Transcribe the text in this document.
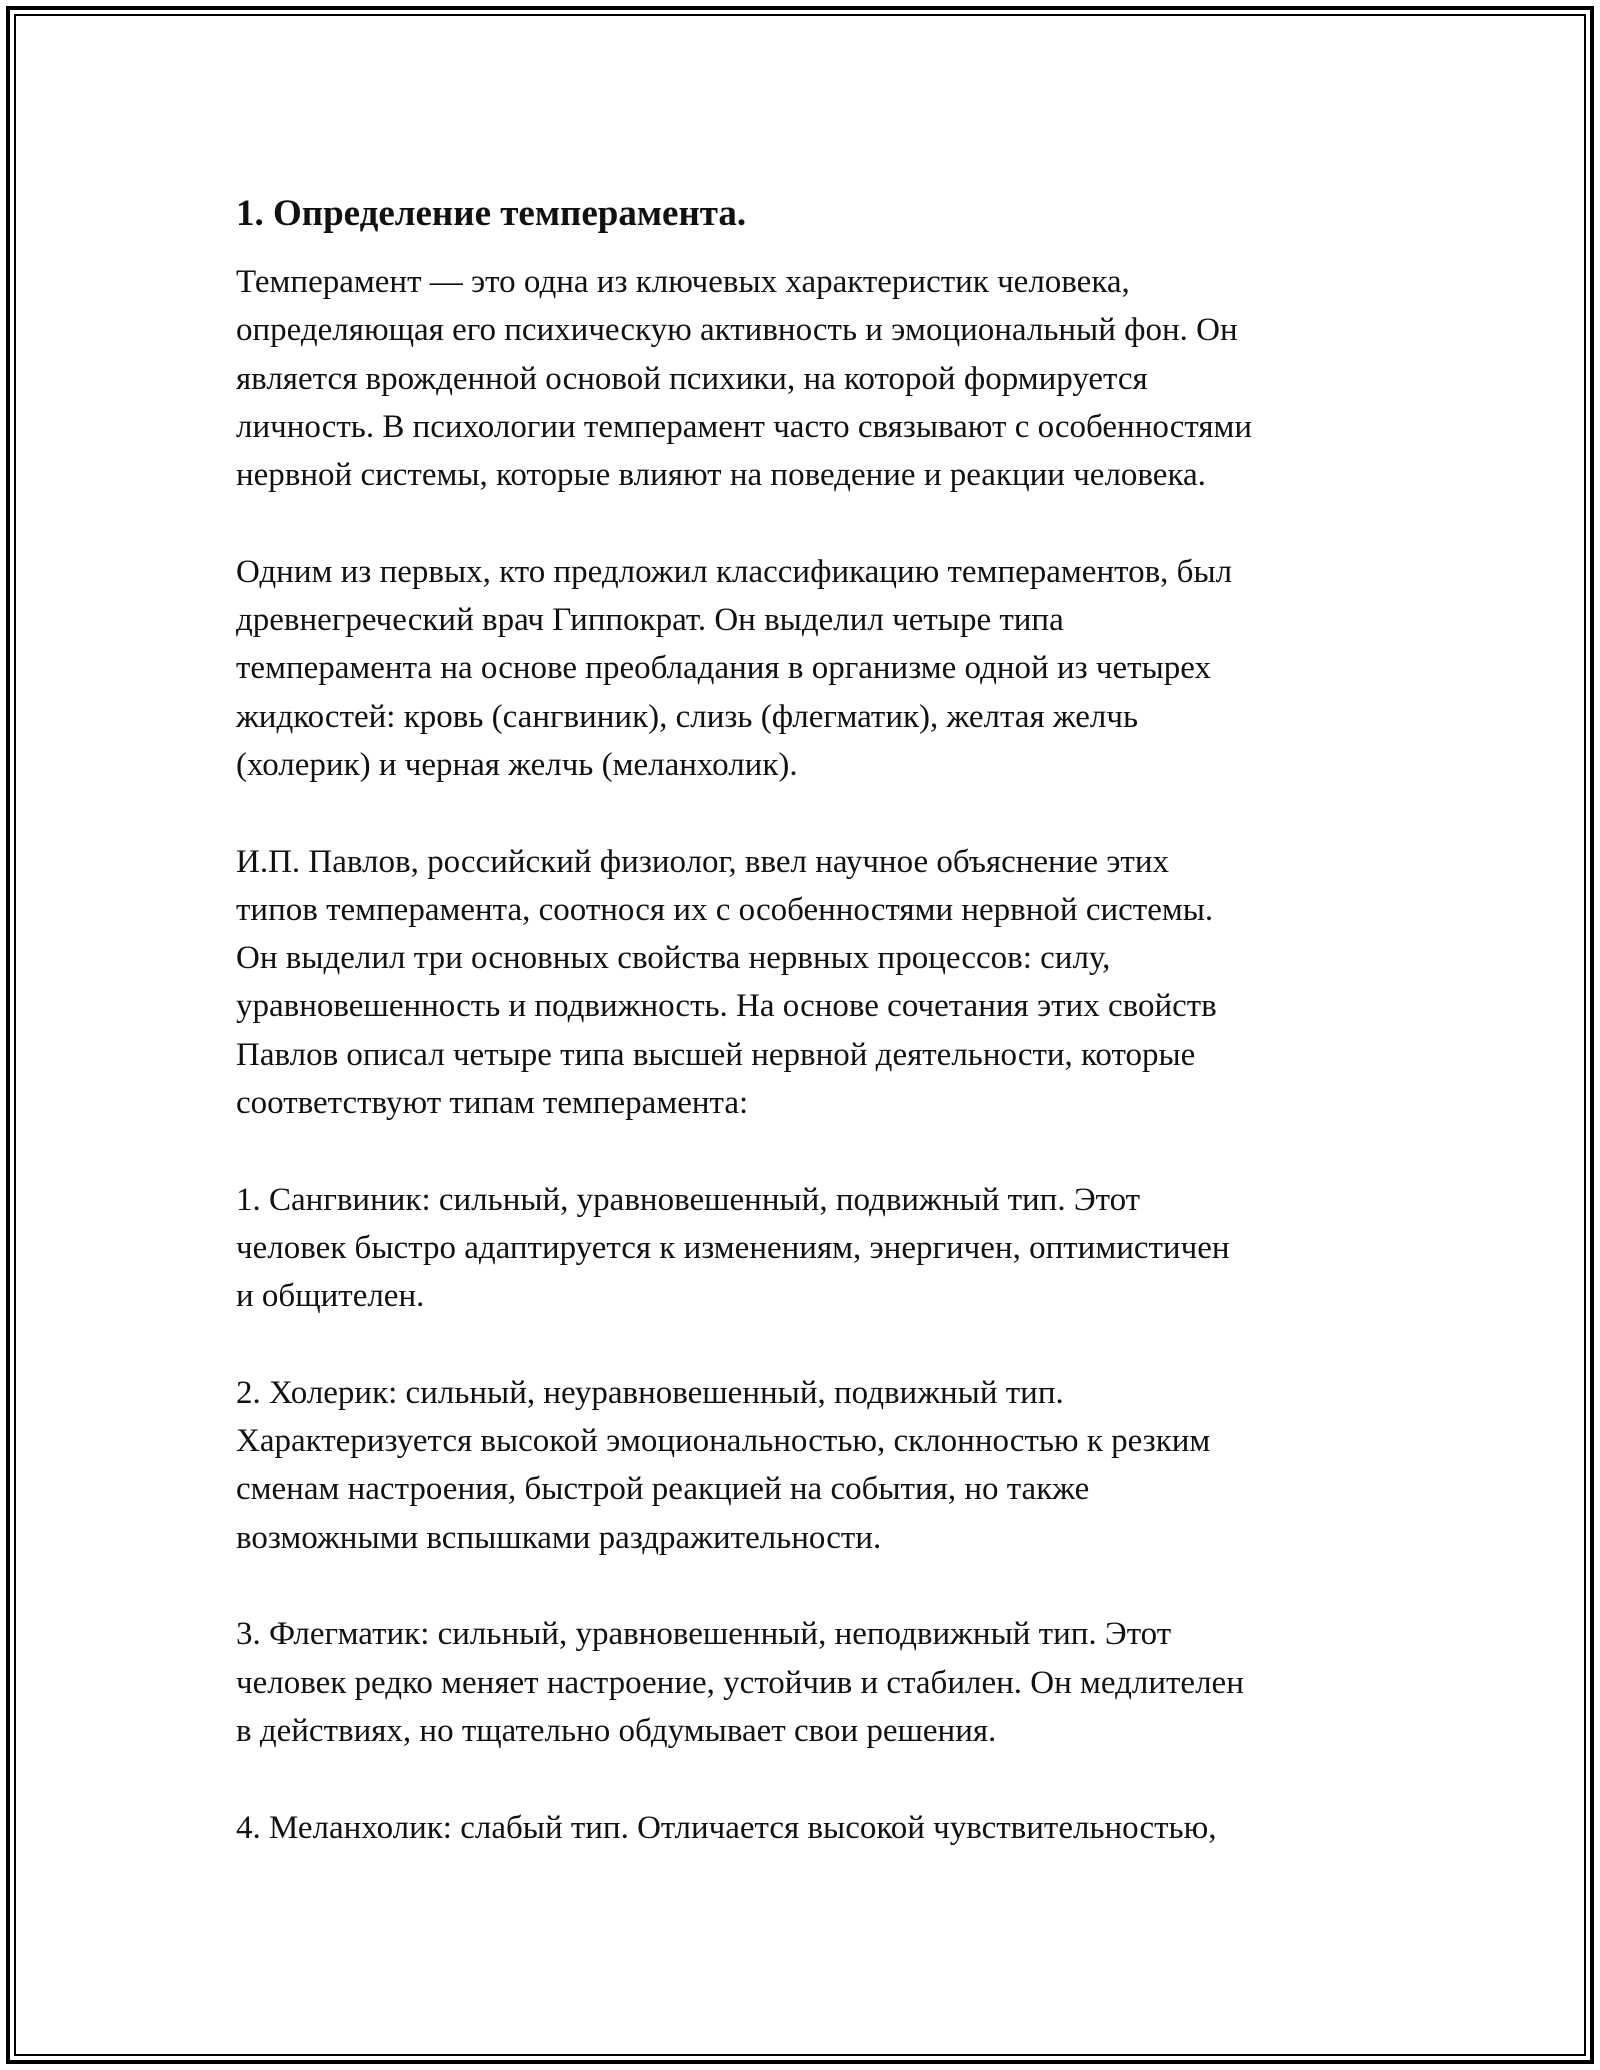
1. Определение темперамента.
Темперамент — это одна из ключевых характеристик человека,
определяющая его психическую активность и эмоциональный фон. Он
является врожденной основой психики, на которой формируется
личность. В психологии темперамент часто связывают с особенностями
нервной системы, которые влияют на поведение и реакции человека.
Одним из первых, кто предложил классификацию темпераментов, был
древнегреческий врач Гиппократ. Он выделил четыре типа
темперамента на основе преобладания в организме одной из четырех
жидкостей: кровь (сангвиник), слизь (флегматик), желтая желчь
(холерик) и черная желчь (меланхолик).
И.П. Павлов, российский физиолог, ввел научное объяснение этих
типов темперамента, соотнося их с особенностями нервной системы.
Он выделил три основных свойства нервных процессов: силу,
уравновешенность и подвижность. На основе сочетания этих свойств
Павлов описал четыре типа высшей нервной деятельности, которые
соответствуют типам темперамента:
1. Сангвиник: сильный, уравновешенный, подвижный тип. Этот
человек быстро адаптируется к изменениям, энергичен, оптимистичен
и общителен.
2. Холерик: сильный, неуравновешенный, подвижный тип.
Характеризуется высокой эмоциональностью, склонностью к резким
сменам настроения, быстрой реакцией на события, но также
возможными вспышками раздражительности.
3. Флегматик: сильный, уравновешенный, неподвижный тип. Этот
человек редко меняет настроение, устойчив и стабилен. Он медлителен
в действиях, но тщательно обдумывает свои решения.
4. Меланхолик: слабый тип. Отличается высокой чувствительностью,
